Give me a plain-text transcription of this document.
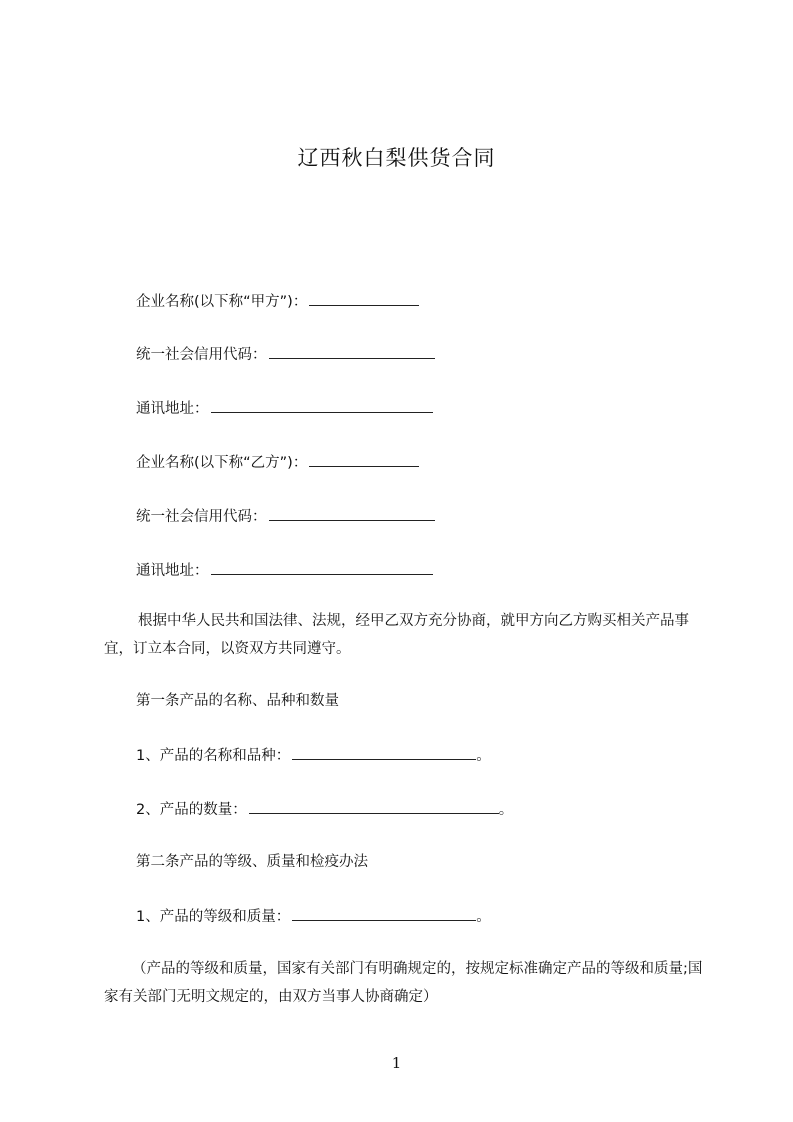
辽西秋白梨供货合同
企业名称(以下称“甲方”)：
统一社会信用代码：
通讯地址：
企业名称(以下称“乙方”)：
统一社会信用代码：
通讯地址：
根据中华人民共和国法律、法规，经甲乙双方充分协商，就甲方向乙方购买相关产品事宜，订立本合同，以资双方共同遵守。
第一条产品的名称、品种和数量
1、产品的名称和品种：	。
2、产品的数量：	。
第二条产品的等级、质量和检疫办法
1、产品的等级和质量：	。
（产品的等级和质量，国家有关部门有明确规定的，按规定标准确定产品的等级和质量;国家有关部门无明文规定的，由双方当事人协商确定）
1
